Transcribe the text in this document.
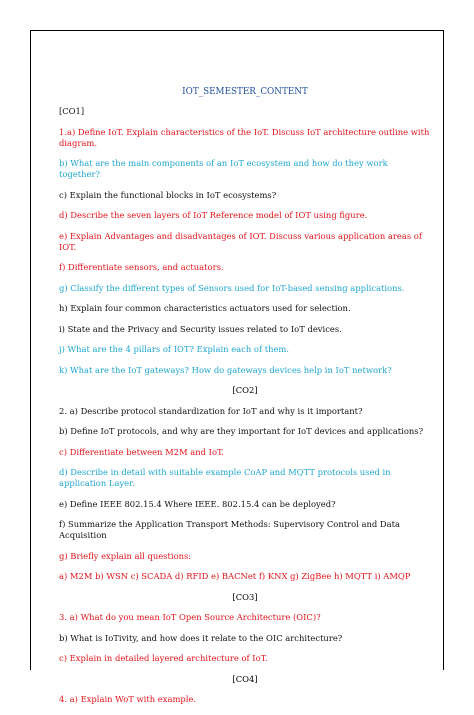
IOT_SEMESTER_CONTENT

[CO1]

1.a) Define IoT. Explain characteristics of the IoT. Discuss IoT architecture outline with diagram.

b) What are the main components of an IoT ecosystem and how do they work together?

c) Explain the functional blocks in IoT ecosystems?

d) Describe the seven layers of IoT Reference model of IOT using figure.

e) Explain Advantages and disadvantages of IOT. Discuss various application areas of IOT.

f) Differentiate sensors, and actuators.

g) Classify the different types of Sensors used for IoT-based sensing applications.

h) Explain four common characteristics actuators used for selection.

i) State and the Privacy and Security issues related to IoT devices.

j) What are the 4 pillars of IOT? Explain each of them.

k) What are the IoT gateways? How do gateways devices help in IoT network?

[CO2]

2. a) Describe protocol standardization for IoT and why is it important?

b) Define IoT protocols, and why are they important for IoT devices and applications?

c) Differentiate between M2M and IoT.

d) Describe in detail with suitable example CoAP and MQTT protocols used in application Layer.

e) Define IEEE 802.15.4 Where IEEE. 802.15.4 can be deployed?

f) Summarize the Application Transport Methods: Supervisory Control and Data Acquisition

g) Briefly explain all questions:

a) M2M b) WSN c) SCADA d) RFID e) BACNet f) KNX g) ZigBee h) MQTT i) AMQP

[CO3]

3. a) What do you mean IoT Open Source Architecture (OIC)?

b) What is IoTivity, and how does it relate to the OIC architecture?

c) Explain in detailed layered architecture of IoT.

[CO4]

4. a) Explain WoT with example.
